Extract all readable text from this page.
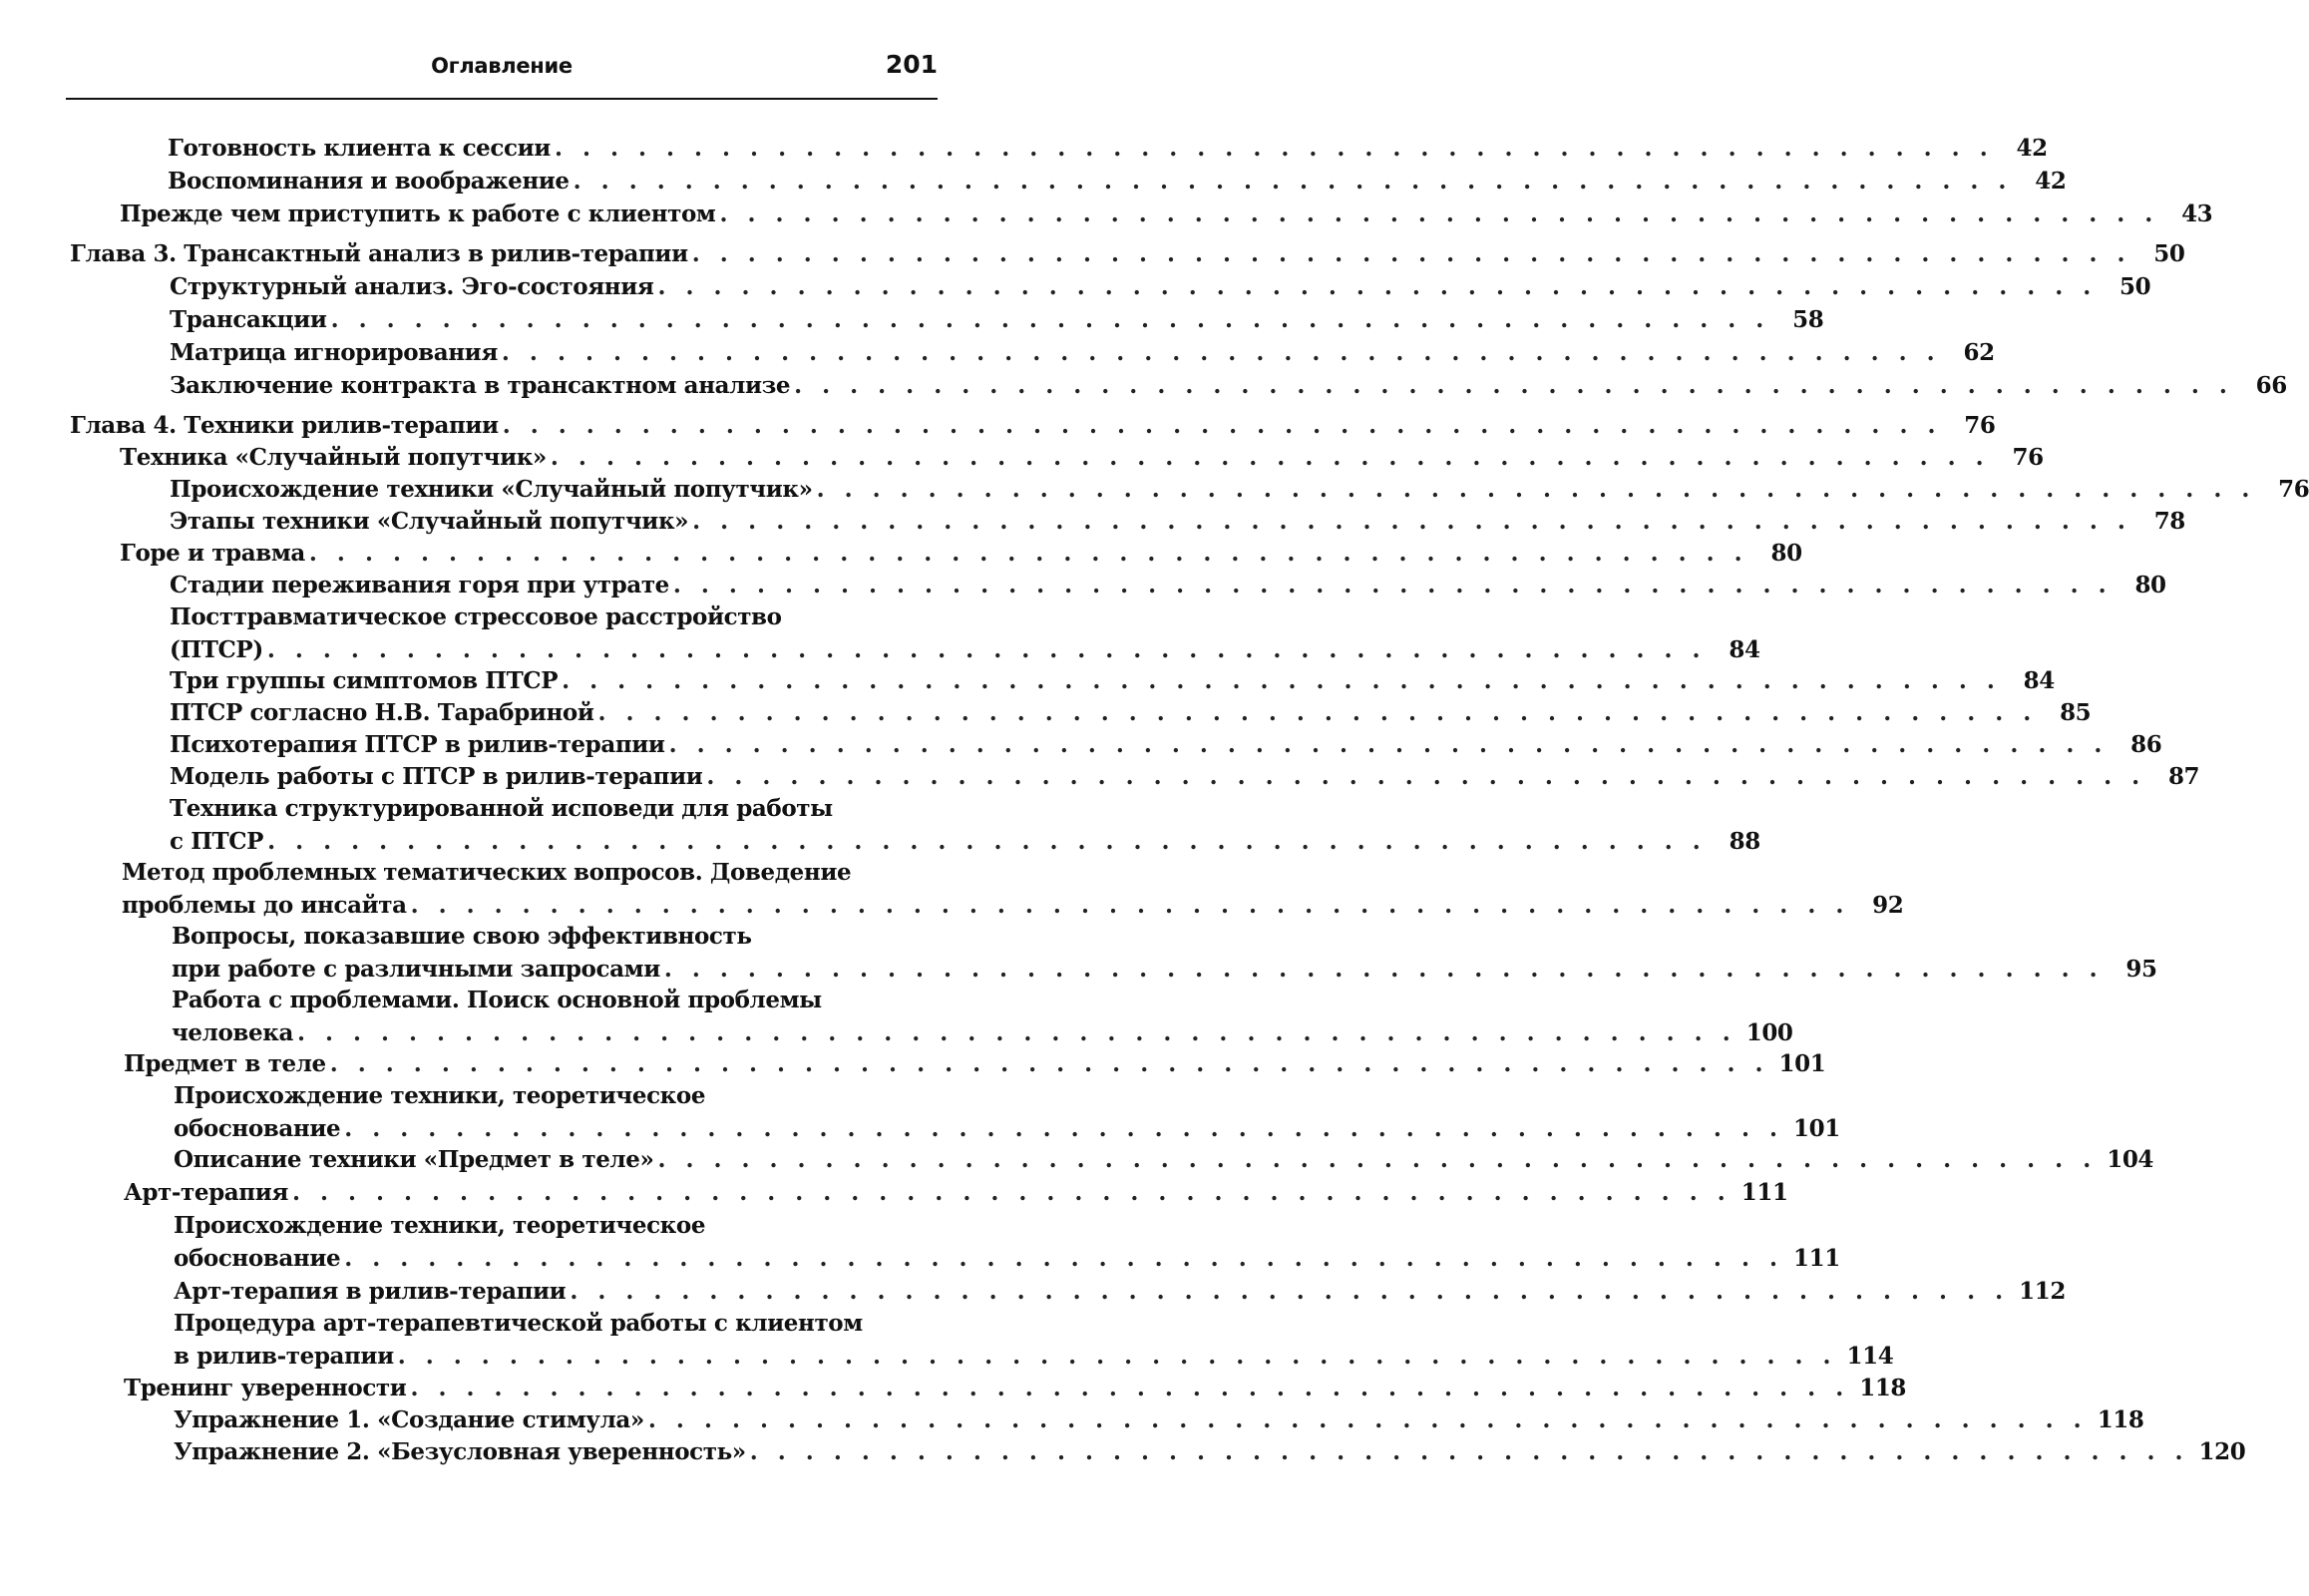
Оглавление	201
Готовность клиента к сессии . . . . . . . . . . . . . . . . . . . . . . . . . . . . . . . . . . . . . . . . . . . . . . . . . . . . 42
Воспоминания и воображение . . . . . . . . . . . . . . . . . . . . . . . . . . . . . . . . . . . . . . . . . . . . . . . . . . . . 42
Прежде чем приступить к работе с клиентом . . . . . . . . . . . . . . . . . . . . . . . . . . . . . . . . . . . . . . . . . . . . . . . . . . . . 43
Глава 3. Трансактный анализ в рилив-терапии . . . . . . . . . . . . . . . . . . . . . . . . . . . . . . . . . . . . . . . . . . . . . . . . . . . . 50
Структурный анализ. Эго-состояния . . . . . . . . . . . . . . . . . . . . . . . . . . . . . . . . . . . . . . . . . . . . . . . . . . . . 50
Трансакции . . . . . . . . . . . . . . . . . . . . . . . . . . . . . . . . . . . . . . . . . . . . . . . . . . . . 58
Матрица игнорирования . . . . . . . . . . . . . . . . . . . . . . . . . . . . . . . . . . . . . . . . . . . . . . . . . . . . 62
Заключение контракта в трансактном анализе . . . . . . . . . . . . . . . . . . . . . . . . . . . . . . . . . . . . . . . . . . . . . . . . . . . . 66
Глава 4. Техники рилив-терапии . . . . . . . . . . . . . . . . . . . . . . . . . . . . . . . . . . . . . . . . . . . . . . . . . . . . 76
Техника «Случайный попутчик» . . . . . . . . . . . . . . . . . . . . . . . . . . . . . . . . . . . . . . . . . . . . . . . . . . . . 76
Происхождение техники «Случайный попутчик» . . . . . . . . . . . . . . . . . . . . . . . . . . . . . . . . . . . . . . . . . . . . . . . . . . . . 76
Этапы техники «Случайный попутчик» . . . . . . . . . . . . . . . . . . . . . . . . . . . . . . . . . . . . . . . . . . . . . . . . . . . . 78
Горе и травма . . . . . . . . . . . . . . . . . . . . . . . . . . . . . . . . . . . . . . . . . . . . . . . . . . . . 80
Стадии переживания горя при утрате . . . . . . . . . . . . . . . . . . . . . . . . . . . . . . . . . . . . . . . . . . . . . . . . . . . . 80
Посттравматическое стрессовое расстройство
(ПТСР) . . . . . . . . . . . . . . . . . . . . . . . . . . . . . . . . . . . . . . . . . . . . . . . . . . . . 84
Три группы симптомов ПТСР . . . . . . . . . . . . . . . . . . . . . . . . . . . . . . . . . . . . . . . . . . . . . . . . . . . . 84
ПТСР согласно Н.В. Тарабриной . . . . . . . . . . . . . . . . . . . . . . . . . . . . . . . . . . . . . . . . . . . . . . . . . . . . 85
Психотерапия ПТСР в рилив-терапии . . . . . . . . . . . . . . . . . . . . . . . . . . . . . . . . . . . . . . . . . . . . . . . . . . . . 86
Модель работы с ПТСР в рилив-терапии . . . . . . . . . . . . . . . . . . . . . . . . . . . . . . . . . . . . . . . . . . . . . . . . . . . . 87
Техника структурированной исповеди для работы
с ПТСР . . . . . . . . . . . . . . . . . . . . . . . . . . . . . . . . . . . . . . . . . . . . . . . . . . . . 88
Метод проблемных тематических вопросов. Доведение
проблемы до инсайта . . . . . . . . . . . . . . . . . . . . . . . . . . . . . . . . . . . . . . . . . . . . . . . . . . . . 92
Вопросы, показавшие свою эффективность
при работе с различными запросами . . . . . . . . . . . . . . . . . . . . . . . . . . . . . . . . . . . . . . . . . . . . . . . . . . . . 95
Работа с проблемами. Поиск основной проблемы
человека . . . . . . . . . . . . . . . . . . . . . . . . . . . . . . . . . . . . . . . . . . . . . . . . . . . . 100
Предмет в теле . . . . . . . . . . . . . . . . . . . . . . . . . . . . . . . . . . . . . . . . . . . . . . . . . . . . 101
Происхождение техники, теоретическое
обоснование . . . . . . . . . . . . . . . . . . . . . . . . . . . . . . . . . . . . . . . . . . . . . . . . . . . . 101
Описание техники «Предмет в теле» . . . . . . . . . . . . . . . . . . . . . . . . . . . . . . . . . . . . . . . . . . . . . . . . . . . . 104
Арт-терапия . . . . . . . . . . . . . . . . . . . . . . . . . . . . . . . . . . . . . . . . . . . . . . . . . . . . 111
Происхождение техники, теоретическое
обоснование . . . . . . . . . . . . . . . . . . . . . . . . . . . . . . . . . . . . . . . . . . . . . . . . . . . . 111
Арт-терапия в рилив-терапии . . . . . . . . . . . . . . . . . . . . . . . . . . . . . . . . . . . . . . . . . . . . . . . . . . . . 112
Процедура арт-терапевтической работы с клиентом
в рилив-терапии . . . . . . . . . . . . . . . . . . . . . . . . . . . . . . . . . . . . . . . . . . . . . . . . . . . . 114
Тренинг уверенности . . . . . . . . . . . . . . . . . . . . . . . . . . . . . . . . . . . . . . . . . . . . . . . . . . . . 118
Упражнение 1. «Создание стимула» . . . . . . . . . . . . . . . . . . . . . . . . . . . . . . . . . . . . . . . . . . . . . . . . . . . . 118
Упражнение 2. «Безусловная уверенность» . . . . . . . . . . . . . . . . . . . . . . . . . . . . . . . . . . . . . . . . . . . . . . . . . . . . 120
